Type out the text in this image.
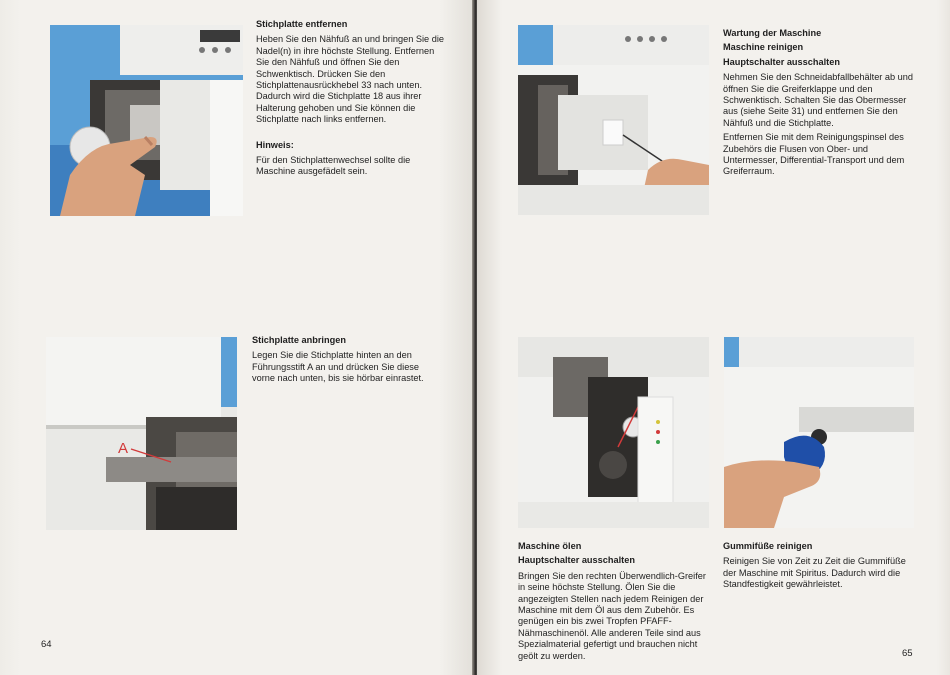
Stichplatte entfernen

Heben Sie den Nähfuß an und bringen Sie die Nadel(n) in ihre höchste Stellung. Entfernen Sie den Nähfuß und öffnen Sie den Schwenktisch. Drücken Sie den Stichplattenausrückhebel 33 nach unten. Dadurch wird die Stichplatte 18 aus ihrer Halterung gehoben und Sie können die Stichplatte nach links entfernen.

Hinweis:

Für den Stichplattenwechsel sollte die Maschine ausgefädelt sein.

A
Stichplatte anbringen

Legen Sie die Stichplatte hinten an den Führungsstift A an und drücken Sie diese vorne nach unten, bis sie hörbar einrastet.

64
Wartung der Maschine
Maschine reinigen
Hauptschalter ausschalten

Nehmen Sie den Schneidabfallbehälter ab und öffnen Sie die Greiferklappe und den Schwenktisch. Schalten Sie das Obermesser aus (siehe Seite 31) und entfernen Sie den Nähfuß und die Stichplatte.

Entfernen Sie mit dem Reinigungspinsel des Zubehörs die Flusen von Ober- und Untermesser, Differential-Transport und dem Greiferraum.

Maschine ölen
Hauptschalter ausschalten

Bringen Sie den rechten Überwendlich-Greifer in seine höchste Stellung. Ölen Sie die angezeigten Stellen nach jedem Reinigen der Maschine mit dem Öl aus dem Zubehör. Es genügen ein bis zwei Tropfen PFAFF-Nähmaschinenöl. Alle anderen Teile sind aus Spezialmaterial gefertigt und brauchen nicht geölt zu werden.

Gummifüße reinigen

Reinigen Sie von Zeit zu Zeit die Gummifüße der Maschine mit Spiritus. Dadurch wird die Standfestigkeit gewährleistet.

65
